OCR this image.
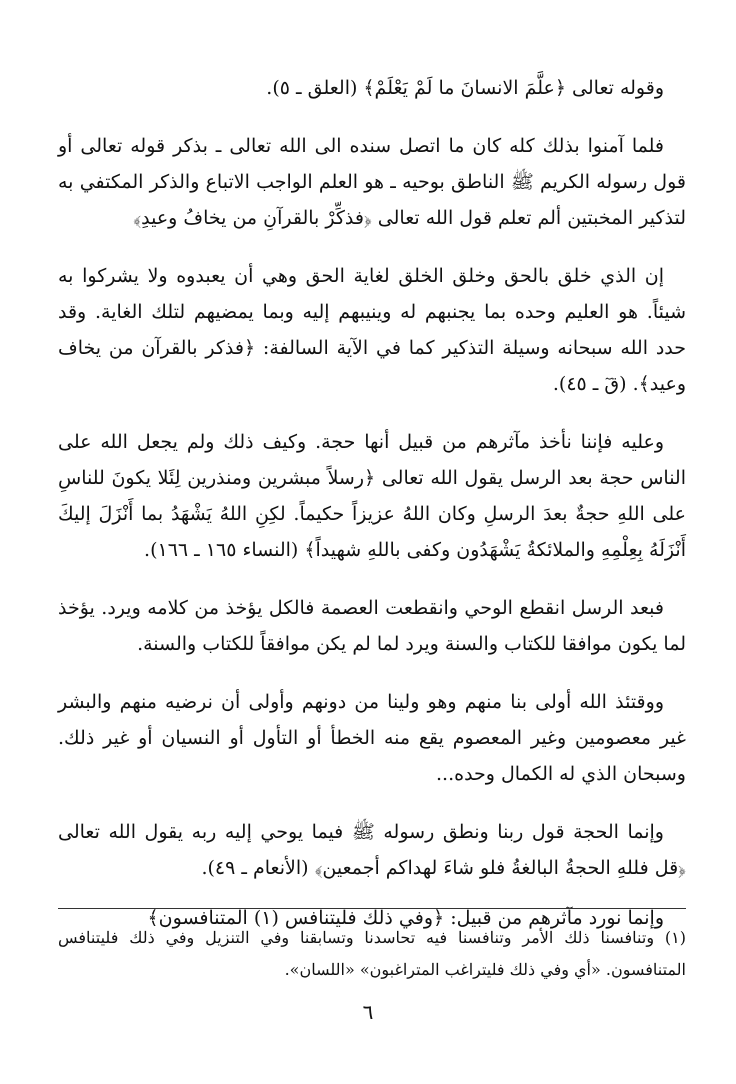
وقوله تعالى ﴿علَّمَ الانسانَ ما لَمْ يَعْلَمْ﴾ (العلق ـ ٥).

فلما آمنوا بذلك كله كان ما اتصل سنده الى الله تعالى ـ بذكر قوله تعالى أو قول رسوله الكريم ﷺ الناطق بوحيه ـ هو العلم الواجب الاتباع والذكر المكتفي به لتذكير المخبتين ألم تعلم قول الله تعالى ﴿فذكِّرْ بالقرآنِ من يخافُ وعيدِ﴾

إن الذي خلق بالحق وخلق الخلق لغاية الحق وهي أن يعبدوه ولا يشركوا به شيئاً. هو العليم وحده بما يجنبهم له وينيبهم إليه وبما يمضيهم لتلك الغاية. وقد حدد الله سبحانه وسيلة التذكير كما في الآية السالفة: ﴿فذكر بالقرآن من يخاف وعيد﴾. (قٓ ـ ٤٥).

وعليه فإننا نأخذ مآثرهم من قبيل أنها حجة. وكيف ذلك ولم يجعل الله على الناس حجة بعد الرسل يقول الله تعالى ﴿رسلاً مبشرين ومنذرين لِئَلا يكونَ للناسِ على اللهِ حجةٌ بعدَ الرسلِ وكان اللهُ عزيزاً حكيماً. لكِنِ اللهُ يَشْهَدُ بما أَنْزَلَ إليكَ أَنْزَلَهُ بِعِلْمِهِ والملائكةُ يَشْهَدُون وكفى باللهِ شهيداً﴾ (النساء ١٦٥ ـ ١٦٦).

فبعد الرسل انقطع الوحي وانقطعت العصمة فالكل يؤخذ من كلامه ويرد. يؤخذ لما يكون موافقا للكتاب والسنة ويرد لما لم يكن موافقاً للكتاب والسنة.

ووقتئذ الله أولى بنا منهم وهو ولينا من دونهم وأولى أن نرضيه منهم والبشر غير معصومين وغير المعصوم يقع منه الخطأ أو التأول أو النسيان أو غير ذلك. وسبحان الذي له الكمال وحده...

وإنما الحجة قول ربنا ونطق رسوله ﷺ فيما يوحي إليه ربه يقول الله تعالى ﴿قل فللهِ الحجةُ البالغةُ فلو شاءَ لهداكم أجمعين﴾ (الأنعام ـ ٤٩).

وإنما نورد مآثرهم من قبيل: ﴿وفي ذلك فليتنافس (١) المتنافسون﴾

(١) وتنافسنا ذلك الأمر وتنافسنا فيه تحاسدنا وتسابقنا وفي التنزيل وفي ذلك فليتنافس المتنافسون. «أي وفي ذلك فليتراغب المتراغبون» «اللسان».

٦
